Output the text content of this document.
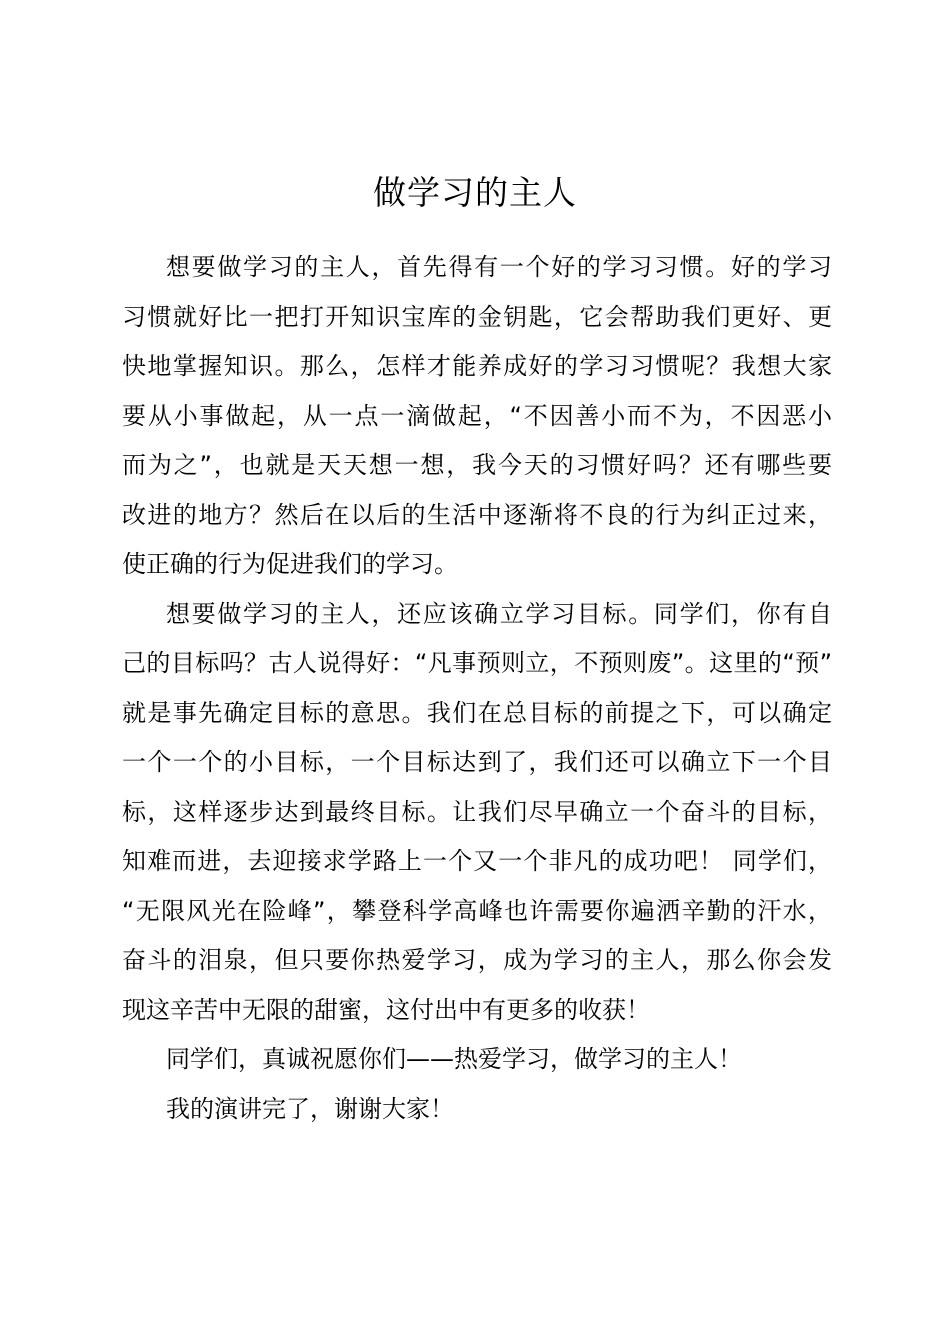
做学习的主人

想要做学习的主人，首先得有一个好的学习习惯。好的学习

习惯就好比一把打开知识宝库的金钥匙，它会帮助我们更好、更

快地掌握知识。那么，怎样才能养成好的学习习惯呢？我想大家

要从小事做起，从一点一滴做起，“不因善小而不为，不因恶小

而为之”，也就是天天想一想，我今天的习惯好吗？还有哪些要

改进的地方？然后在以后的生活中逐渐将不良的行为纠正过来，

使正确的行为促进我们的学习。

想要做学习的主人，还应该确立学习目标。同学们，你有自

己的目标吗？古人说得好：“凡事预则立，不预则废”。这里的“预”

就是事先确定目标的意思。我们在总目标的前提之下，可以确定

一个一个的小目标，一个目标达到了，我们还可以确立下一个目

标，这样逐步达到最终目标。让我们尽早确立一个奋斗的目标，

知难而进，去迎接求学路上一个又一个非凡的成功吧！ 同学们，

“无限风光在险峰”，攀登科学高峰也许需要你遍洒辛勤的汗水，

奋斗的泪泉，但只要你热爱学习，成为学习的主人，那么你会发

现这辛苦中无限的甜蜜，这付出中有更多的收获！

同学们，真诚祝愿你们——热爱学习，做学习的主人！

我的演讲完了，谢谢大家！
